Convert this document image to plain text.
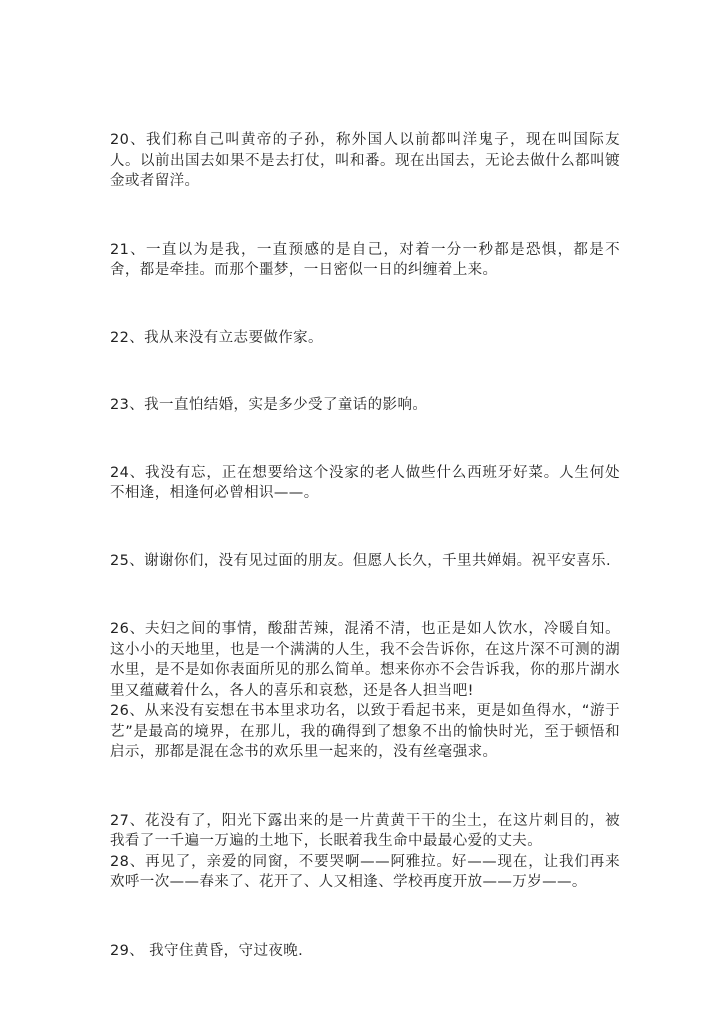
20、我们称自己叫黄帝的子孙，称外国人以前都叫洋鬼子，现在叫国际友人。以前出国去如果不是去打仗，叫和番。现在出国去，无论去做什么都叫镀金或者留洋。

21、一直以为是我，一直预感的是自己，对着一分一秒都是恐惧，都是不舍，都是牵挂。而那个噩梦，一日密似一日的纠缠着上来。

22、我从来没有立志要做作家。

23、我一直怕结婚，实是多少受了童话的影响。

24、我没有忘，正在想要给这个没家的老人做些什么西班牙好菜。人生何处不相逢，相逢何必曾相识——。

25、谢谢你们，没有见过面的朋友。但愿人长久，千里共婵娟。祝平安喜乐.

26、夫妇之间的事情，酸甜苦辣，混淆不清，也正是如人饮水，冷暖自知。这小小的天地里，也是一个满满的人生，我不会告诉你，在这片深不可测的湖水里，是不是如你表面所见的那么简单。想来你亦不会告诉我，你的那片湖水里又蕴藏着什么，各人的喜乐和哀愁，还是各人担当吧!

26、从来没有妄想在书本里求功名，以致于看起书来，更是如鱼得水，“游于艺”是最高的境界，在那儿，我的确得到了想象不出的愉快时光，至于顿悟和启示，那都是混在念书的欢乐里一起来的，没有丝毫强求。

27、花没有了，阳光下露出来的是一片黄黄干干的尘土，在这片刺目的，被我看了一千遍一万遍的土地下，长眠着我生命中最最心爱的丈夫。

28、再见了，亲爱的同窗，不要哭啊——阿雅拉。好——现在，让我们再来欢呼一次——春来了、花开了、人又相逢、学校再度开放——万岁——。

29、 我守住黄昏，守过夜晚.
